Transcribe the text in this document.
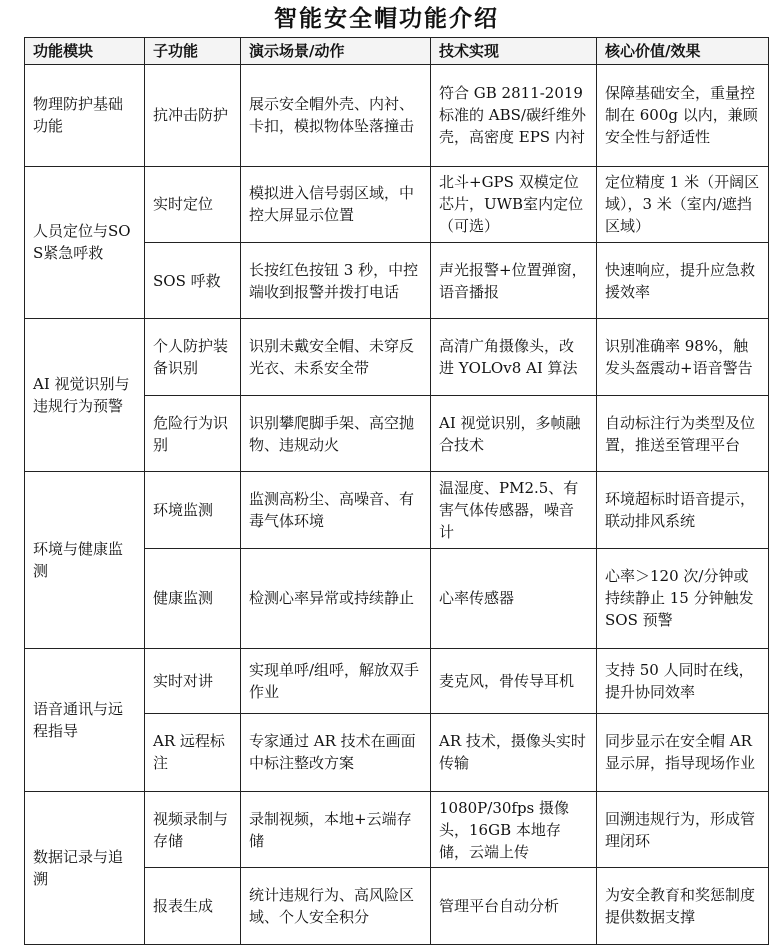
智能安全帽功能介绍
功能模块	子功能	演示场景/动作	技术实现	核心价值/效果
物理防护基础功能	抗冲击防护	展示安全帽外壳、内衬、卡扣，模拟物体坠落撞击	符合 GB 2811-2019 标准的 ABS/碳纤维外壳，高密度 EPS 内衬	保障基础安全，重量控制在 600g 以内，兼顾安全性与舒适性
人员定位与SOS紧急呼救	实时定位	模拟进入信号弱区域，中控大屏显示位置	北斗+GPS 双模定位芯片，UWB室内定位（可选）	定位精度 1 米（开阔区域），3 米（室内/遮挡区域）
	SOS 呼救	长按红色按钮 3 秒，中控端收到报警并拨打电话	声光报警+位置弹窗，语音播报	快速响应，提升应急救援效率
AI 视觉识别与违规行为预警	个人防护装备识别	识别未戴安全帽、未穿反光衣、未系安全带	高清广角摄像头，改进 YOLOv8 AI 算法	识别准确率 98%，触发头盔震动+语音警告
	危险行为识别	识别攀爬脚手架、高空抛物、违规动火	AI 视觉识别，多帧融合技术	自动标注行为类型及位置，推送至管理平台
环境与健康监测	环境监测	监测高粉尘、高噪音、有毒气体环境	温湿度、PM2.5、有害气体传感器，噪音计	环境超标时语音提示，联动排风系统
	健康监测	检测心率异常或持续静止	心率传感器	心率＞120 次/分钟或持续静止 15 分钟触发 SOS 预警
语音通讯与远程指导	实时对讲	实现单呼/组呼，解放双手作业	麦克风，骨传导耳机	支持 50 人同时在线，提升协同效率
	AR 远程标注	专家通过 AR 技术在画面中标注整改方案	AR 技术，摄像头实时传输	同步显示在安全帽 AR 显示屏，指导现场作业
数据记录与追溯	视频录制与存储	录制视频，本地+云端存储	1080P/30fps 摄像头，16GB 本地存储，云端上传	回溯违规行为，形成管理闭环
	报表生成	统计违规行为、高风险区域、个人安全积分	管理平台自动分析	为安全教育和奖惩制度提供数据支撑
